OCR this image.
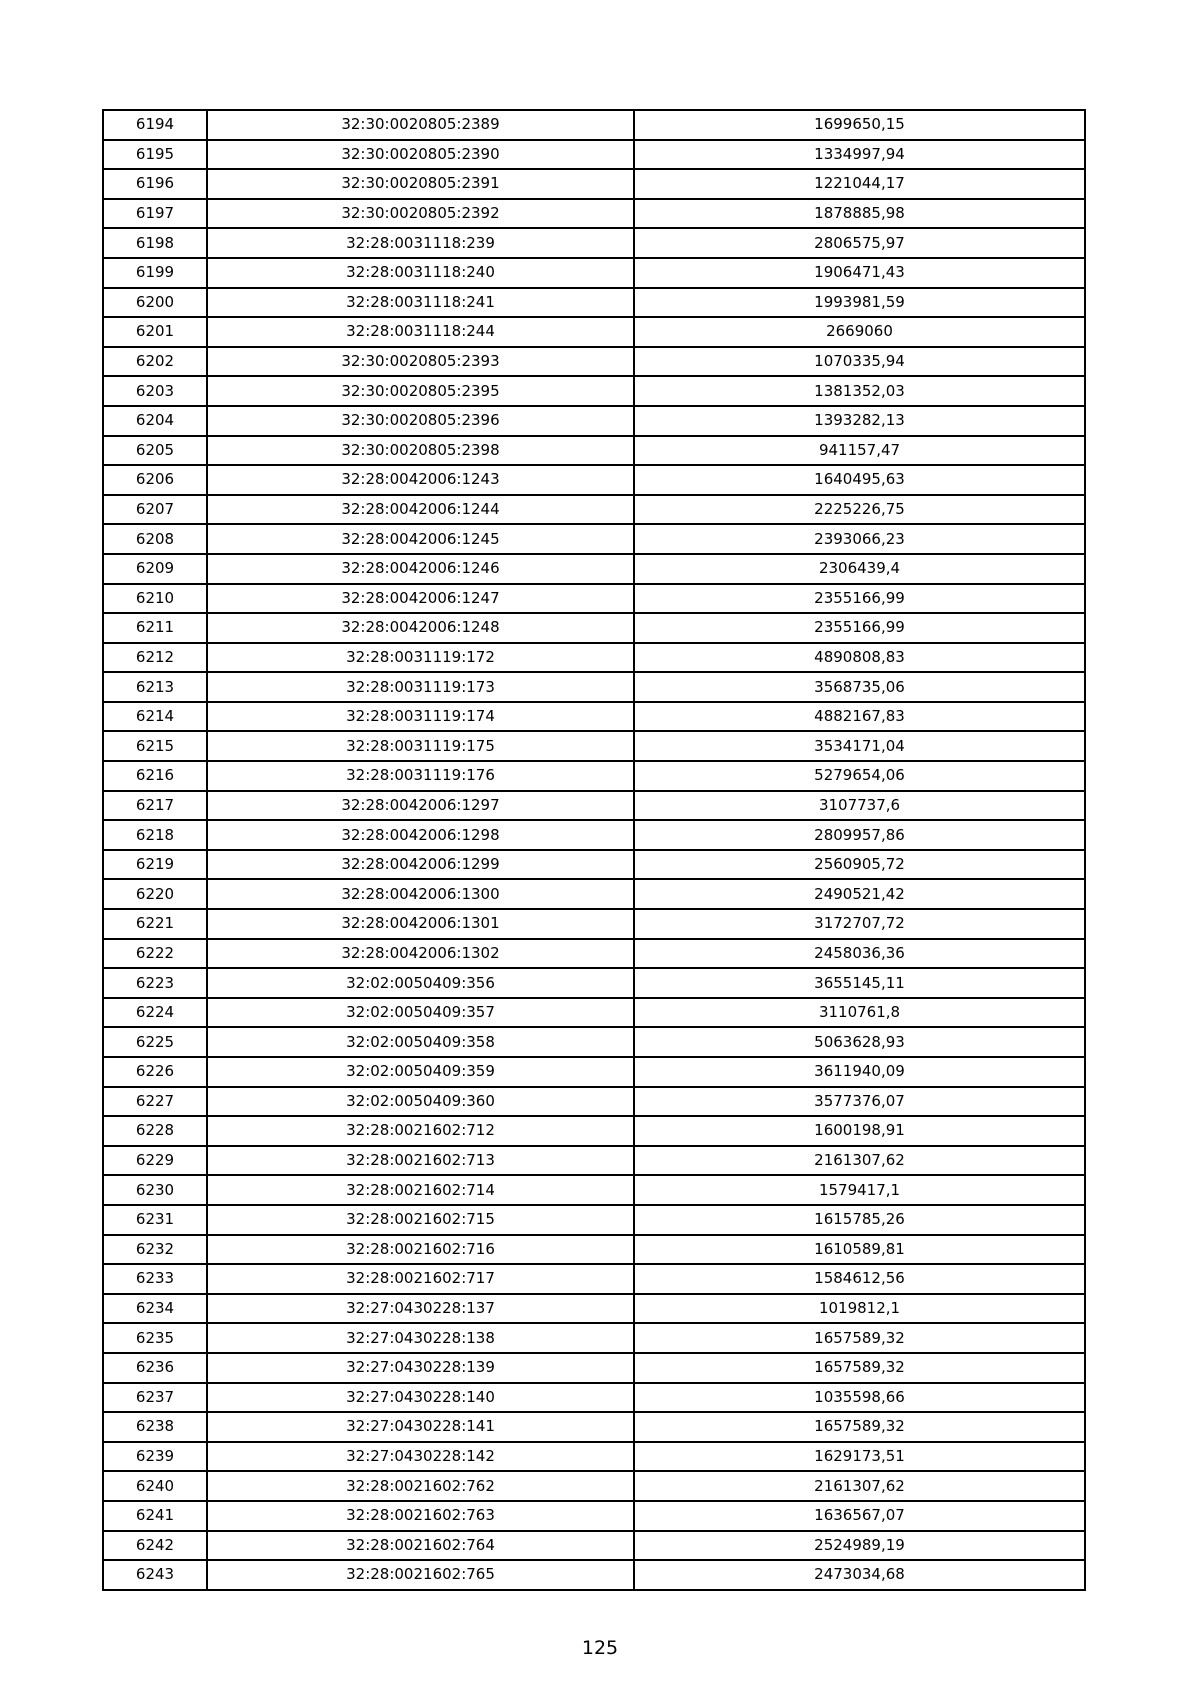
6194	32:30:0020805:2389	1699650,15
6195	32:30:0020805:2390	1334997,94
6196	32:30:0020805:2391	1221044,17
6197	32:30:0020805:2392	1878885,98
6198	32:28:0031118:239	2806575,97
6199	32:28:0031118:240	1906471,43
6200	32:28:0031118:241	1993981,59
6201	32:28:0031118:244	2669060
6202	32:30:0020805:2393	1070335,94
6203	32:30:0020805:2395	1381352,03
6204	32:30:0020805:2396	1393282,13
6205	32:30:0020805:2398	941157,47
6206	32:28:0042006:1243	1640495,63
6207	32:28:0042006:1244	2225226,75
6208	32:28:0042006:1245	2393066,23
6209	32:28:0042006:1246	2306439,4
6210	32:28:0042006:1247	2355166,99
6211	32:28:0042006:1248	2355166,99
6212	32:28:0031119:172	4890808,83
6213	32:28:0031119:173	3568735,06
6214	32:28:0031119:174	4882167,83
6215	32:28:0031119:175	3534171,04
6216	32:28:0031119:176	5279654,06
6217	32:28:0042006:1297	3107737,6
6218	32:28:0042006:1298	2809957,86
6219	32:28:0042006:1299	2560905,72
6220	32:28:0042006:1300	2490521,42
6221	32:28:0042006:1301	3172707,72
6222	32:28:0042006:1302	2458036,36
6223	32:02:0050409:356	3655145,11
6224	32:02:0050409:357	3110761,8
6225	32:02:0050409:358	5063628,93
6226	32:02:0050409:359	3611940,09
6227	32:02:0050409:360	3577376,07
6228	32:28:0021602:712	1600198,91
6229	32:28:0021602:713	2161307,62
6230	32:28:0021602:714	1579417,1
6231	32:28:0021602:715	1615785,26
6232	32:28:0021602:716	1610589,81
6233	32:28:0021602:717	1584612,56
6234	32:27:0430228:137	1019812,1
6235	32:27:0430228:138	1657589,32
6236	32:27:0430228:139	1657589,32
6237	32:27:0430228:140	1035598,66
6238	32:27:0430228:141	1657589,32
6239	32:27:0430228:142	1629173,51
6240	32:28:0021602:762	2161307,62
6241	32:28:0021602:763	1636567,07
6242	32:28:0021602:764	2524989,19
6243	32:28:0021602:765	2473034,68
125
